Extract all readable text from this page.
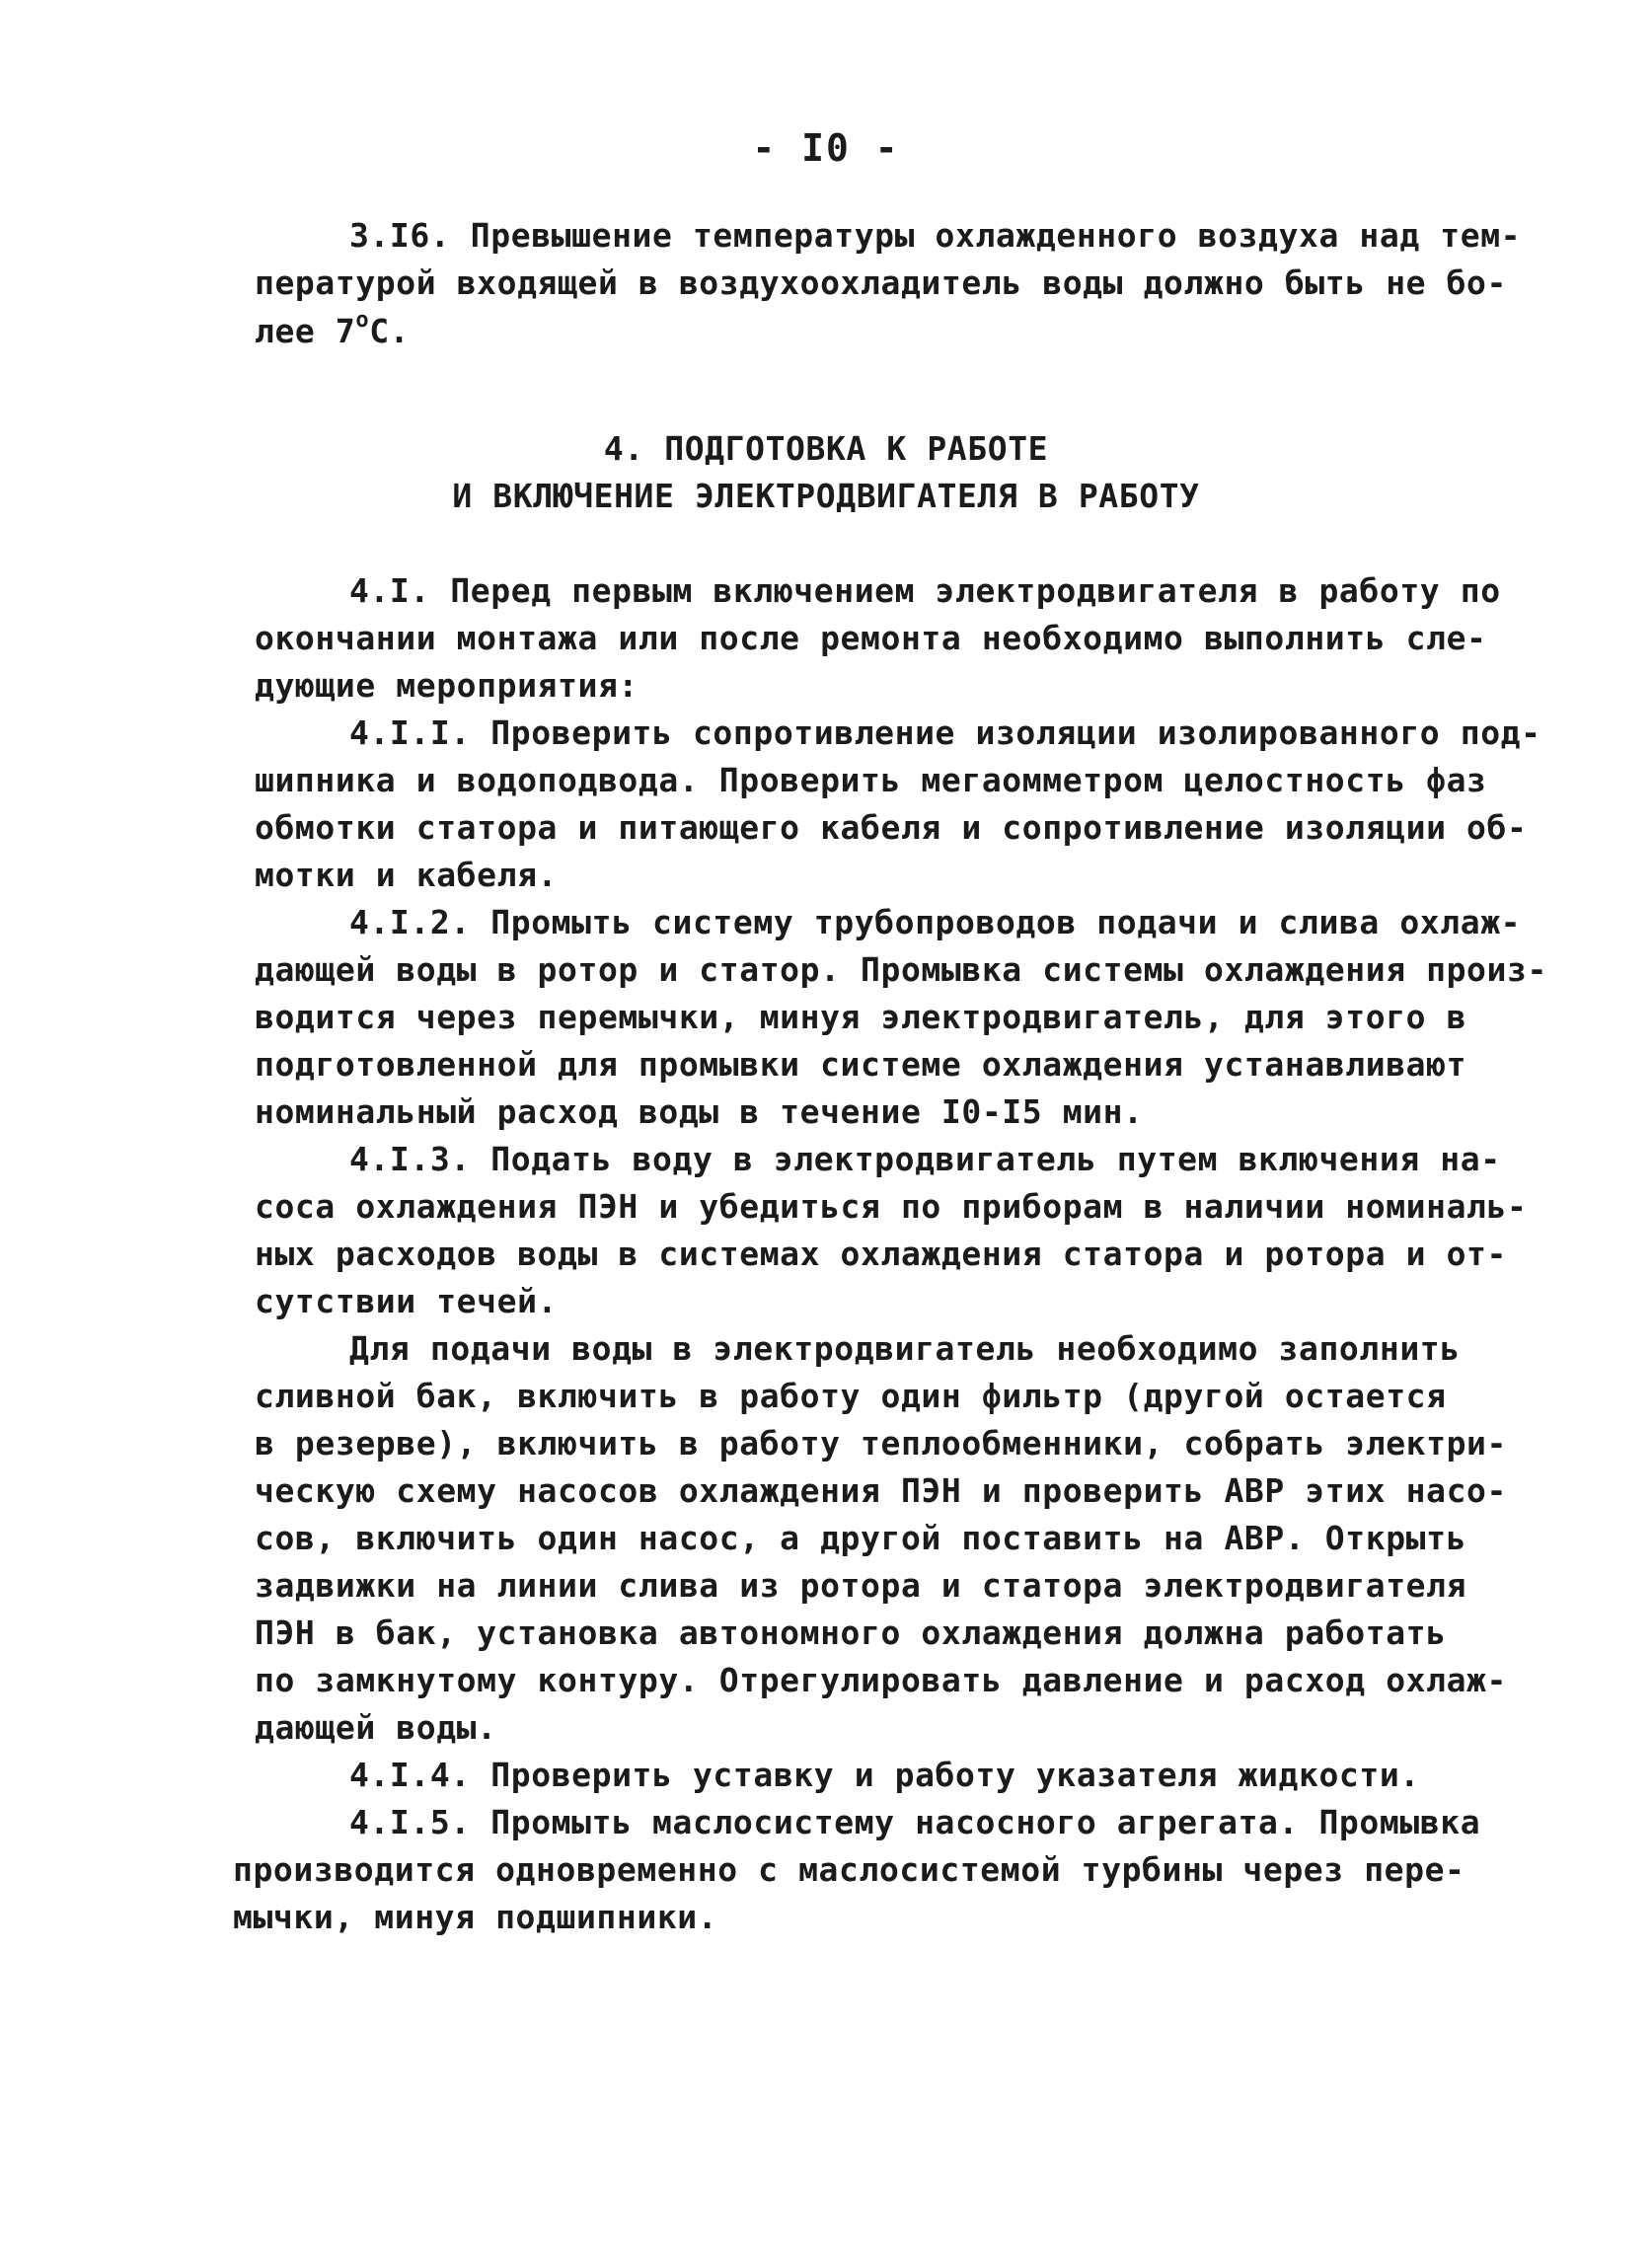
- I0 -
3.I6. Превышение температуры охлажденного воздуха над тем-
пературой входящей в воздухоохладитель воды должно быть не бо-
лее $7^оС$.
4. ПОДГОТОВКА К РАБОТЕ
И ВКЛЮЧЕНИЕ ЭЛЕКТРОДВИГАТЕЛЯ В РАБОТУ
4.I. Перед первым включением электродвигателя в работу по
окончании монтажа или после ремонта необходимо выполнить сле-
дующие мероприятия:
4.I.I. Проверить сопротивление изоляции изолированного под-
шипника и водоподвода. Проверить мегаомметром целостность фаз
обмотки статора и питающего кабеля и сопротивление изоляции об-
мотки и кабеля.
4.I.2. Промыть систему трубопроводов подачи и слива охлаж-
дающей воды в ротор и статор. Промывка системы охлаждения произ-
водится через перемычки, минуя электродвигатель, для этого в
подготовленной для промывки системе охлаждения устанавливают
номинальный расход воды в течение I0-I5 мин.
4.I.3. Подать воду в электродвигатель путем включения на-
соса охлаждения ПЭН и убедиться по приборам в наличии номиналь-
ных расходов воды в системах охлаждения статора и ротора и от-
сутствии течей.
Для подачи воды в электродвигатель необходимо заполнить
сливной бак, включить в работу один фильтр (другой остается
в резерве), включить в работу теплообменники, собрать электри-
ческую схему насосов охлаждения ПЭН и проверить АВР этих насо-
сов, включить один насос, а другой поставить на АВР. Открыть
задвижки на линии слива из ротора и статора электродвигателя
ПЭН в бак, установка автономного охлаждения должна работать
по замкнутому контуру. Отрегулировать давление и расход охлаж-
дающей воды.
4.I.4. Проверить уставку и работу указателя жидкости.
4.I.5. Промыть маслосистему насосного агрегата. Промывка
производится одновременно с маслосистемой турбины через пере-
мычки, минуя подшипники.
